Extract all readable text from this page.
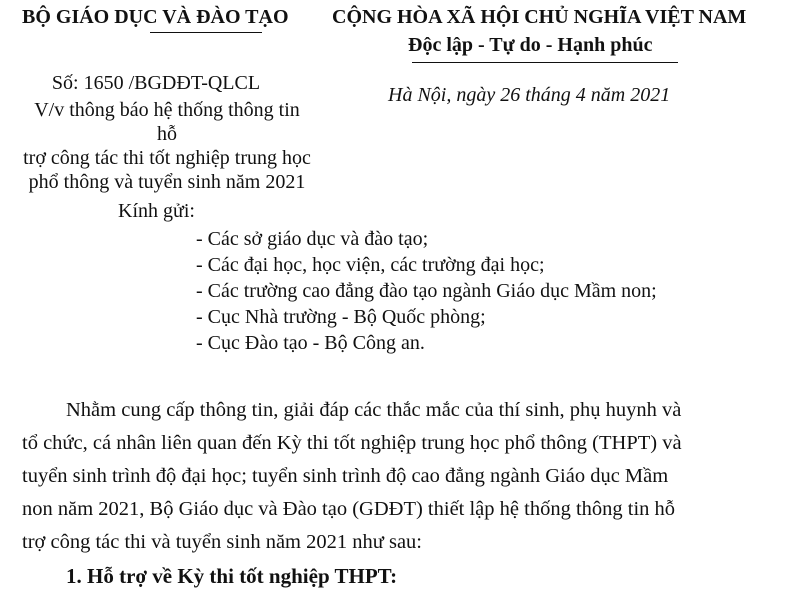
BỘ GIÁO DỤC VÀ ĐÀO TẠO CỘNG HÒA XÃ HỘI CHỦ NGHĨA VIỆT NAM
Độc lập - Tự do - Hạnh phúc
Số: 1650 /BGDĐT-QLCL
V/v thông báo hệ thống thông tin hỗ
trợ công tác thi tốt nghiệp trung học
phổ thông và tuyển sinh năm 2021
Hà Nội, ngày 26 tháng 4 năm 2021
Kính gửi:
- Các sở giáo dục và đào tạo;
- Các đại học, học viện, các trường đại học;
- Các trường cao đẳng đào tạo ngành Giáo dục Mầm non;
- Cục Nhà trường - Bộ Quốc phòng;
- Cục Đào tạo - Bộ Công an.
Nhằm cung cấp thông tin, giải đáp các thắc mắc của thí sinh, phụ huynh và
tổ chức, cá nhân liên quan đến Kỳ thi tốt nghiệp trung học phổ thông (THPT) và
tuyển sinh trình độ đại học; tuyển sinh trình độ cao đẳng ngành Giáo dục Mầm
non năm 2021, Bộ Giáo dục và Đào tạo (GDĐT) thiết lập hệ thống thông tin hỗ
trợ công tác thi và tuyển sinh năm 2021 như sau:
1. Hỗ trợ về Kỳ thi tốt nghiệp THPT:
